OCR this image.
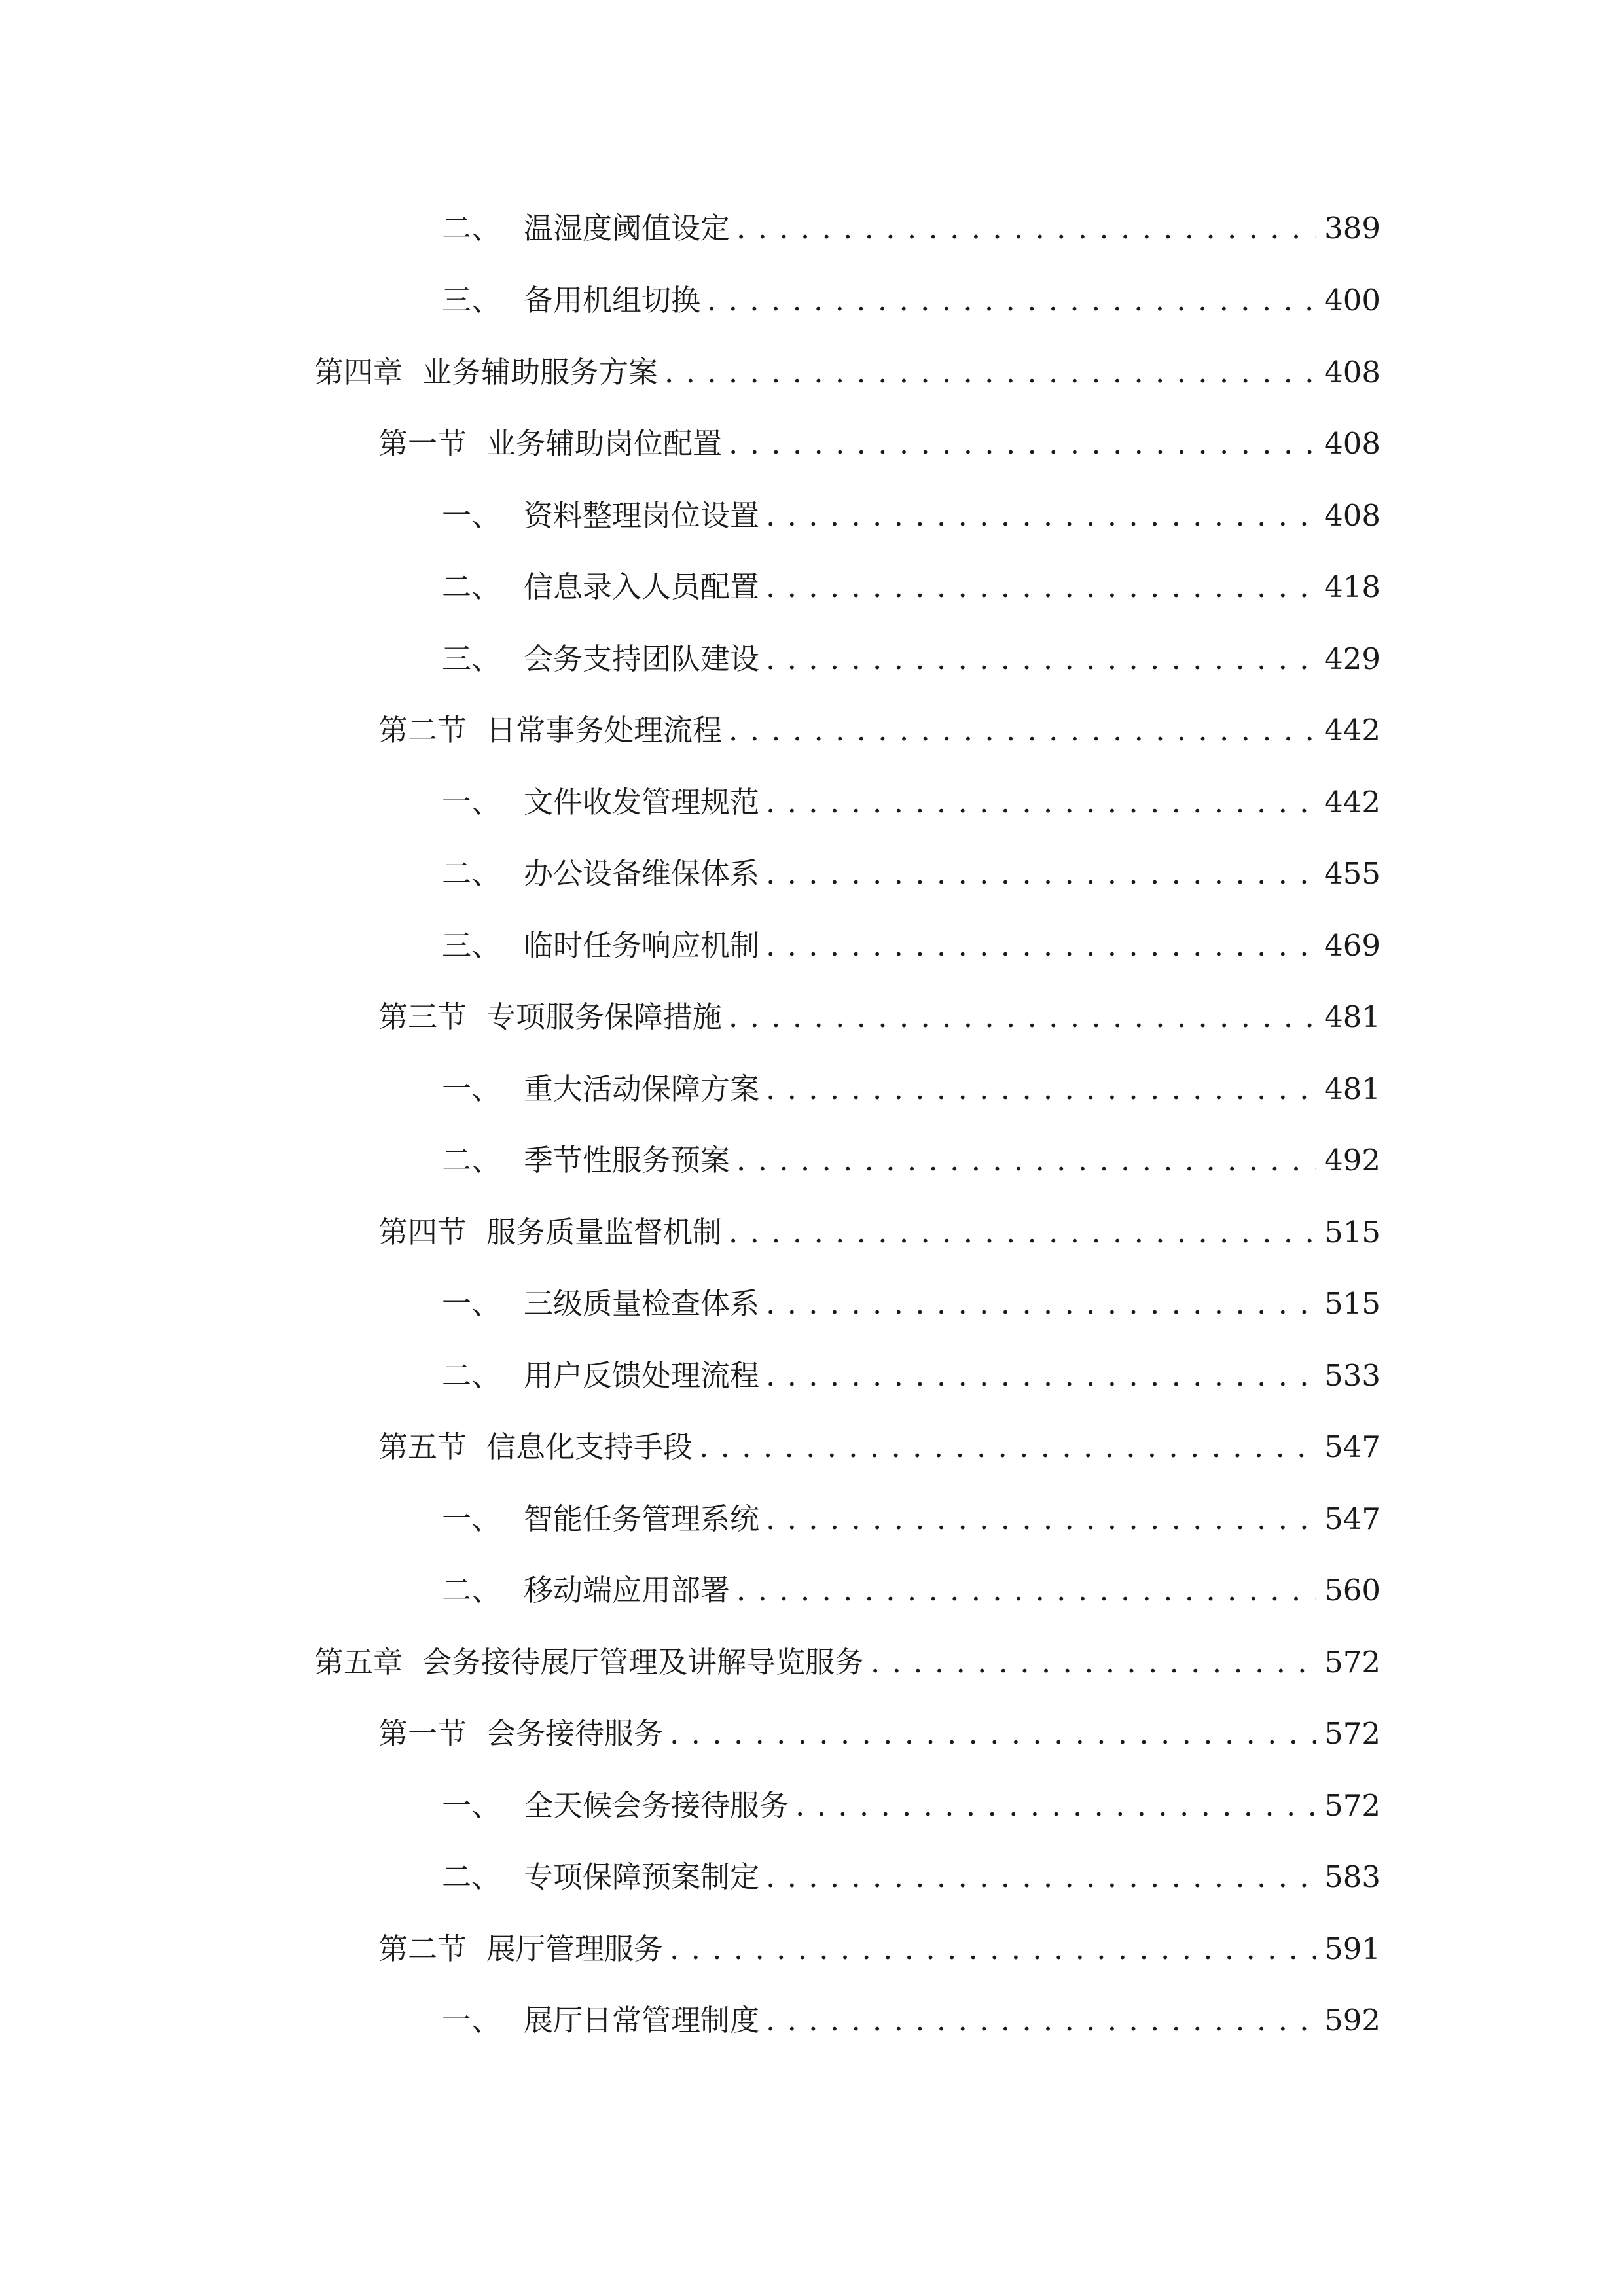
二、 温湿度阈值设定 . . .	389
三、 备用机组切换 . . .	400
第四章 业务辅助服务方案 . . .	408
第一节 业务辅助岗位配置 . . .	408
一、 资料整理岗位设置 . . .	408
二、 信息录入人员配置 . . .	418
三、 会务支持团队建设 . . .	429
第二节 日常事务处理流程 . . .	442
一、 文件收发管理规范 . . .	442
二、 办公设备维保体系 . . .	455
三、 临时任务响应机制 . . .	469
第三节 专项服务保障措施 . . .	481
一、 重大活动保障方案 . . .	481
二、 季节性服务预案 . . .	492
第四节 服务质量监督机制 . . .	515
一、 三级质量检查体系 . . .	515
二、 用户反馈处理流程 . . .	533
第五节 信息化支持手段 . . .	547
一、 智能任务管理系统 . . .	547
二、 移动端应用部署 . . .	560
第五章 会务接待展厅管理及讲解导览服务 . . .	572
第一节 会务接待服务 . . .	572
一、 全天候会务接待服务 . . .	572
二、 专项保障预案制定 . . .	583
第二节 展厅管理服务 . . .	591
一、 展厅日常管理制度 . . .	592
